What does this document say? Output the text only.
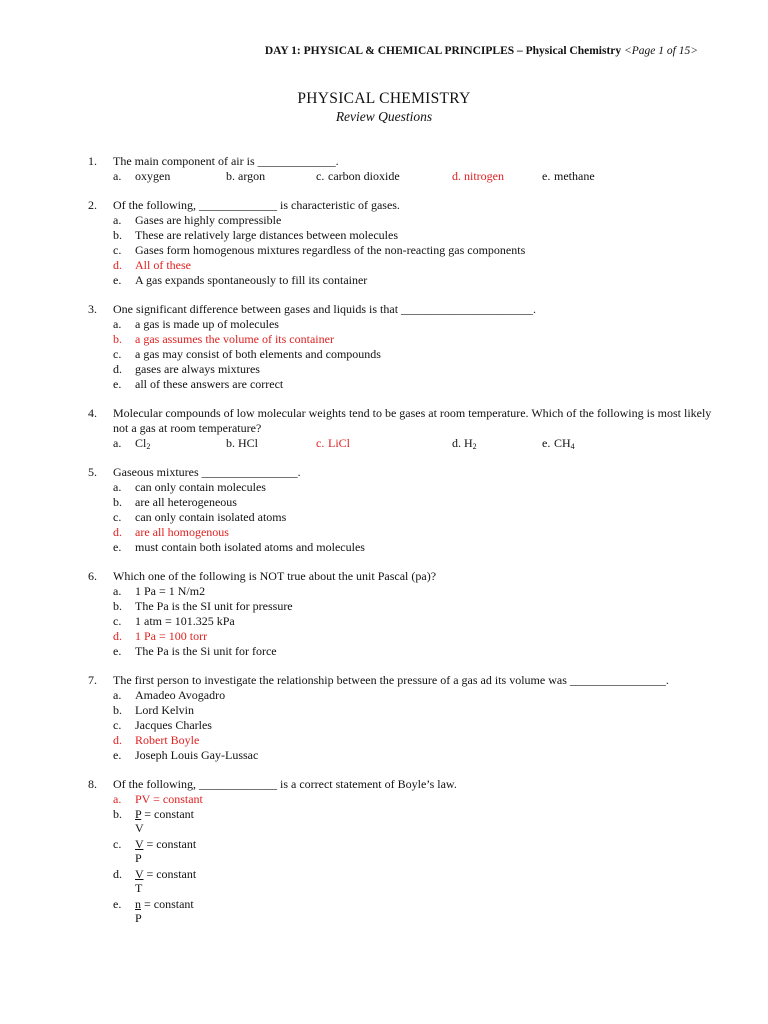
DAY 1: PHYSICAL & CHEMICAL PRINCIPLES – Physical Chemistry <Page 1 of 15>
PHYSICAL CHEMISTRY
Review Questions
1. The main component of air is _____________.
a. oxygen	b. argon	c. carbon dioxide	d. nitrogen	e. methane
2. Of the following, _____________ is characteristic of gases.
a. Gases are highly compressible
b. These are relatively large distances between molecules
c. Gases form homogenous mixtures regardless of the non-reacting gas components
d. All of these
e. A gas expands spontaneously to fill its container
3. One significant difference between gases and liquids is that ______________________.
a. a gas is made up of molecules
b. a gas assumes the volume of its container
c. a gas may consist of both elements and compounds
d. gases are always mixtures
e. all of these answers are correct
4. Molecular compounds of low molecular weights tend to be gases at room temperature. Which of the following is most likely not a gas at room temperature?
a. $Cl_2$	b. HCl	c. LiCl	d. $H_2$	e. $CH_4$
5. Gaseous mixtures ________________.
a. can only contain molecules
b. are all heterogeneous
c. can only contain isolated atoms
d. are all homogenous
e. must contain both isolated atoms and molecules
6. Which one of the following is NOT true about the unit Pascal (pa)?
a. 1 Pa = 1 N/m2
b. The Pa is the SI unit for pressure
c. 1 atm = 101.325 kPa
d. 1 Pa = 100 torr
e. The Pa is the Si unit for force
7. The first person to investigate the relationship between the pressure of a gas ad its volume was ________________.
a. Amadeo Avogadro
b. Lord Kelvin
c. Jacques Charles
d. Robert Boyle
e. Joseph Louis Gay-Lussac
8. Of the following, _____________ is a correct statement of Boyle’s law.
a. PV = constant
b. P = constant
V
c. V = constant
P
d. V = constant
T
e. n = constant
P
